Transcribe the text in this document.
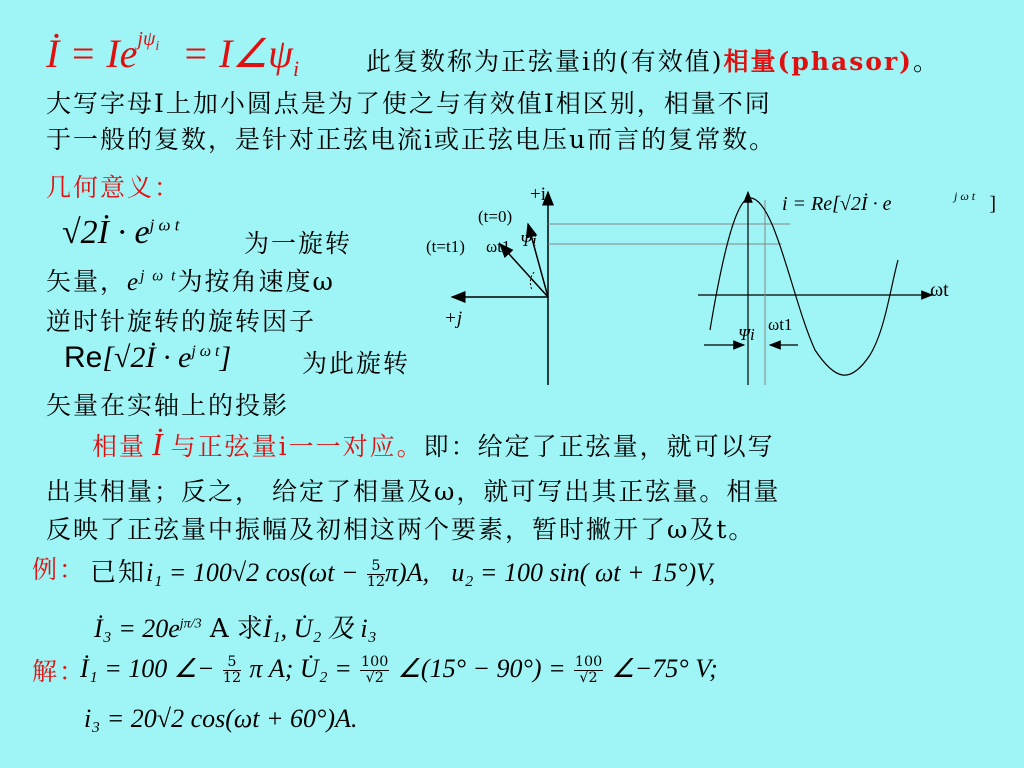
İ = $Ie^{j\psi_i}$ = $I\angle\psi_i$	此复数称为正弦量i的(有效值)相量(phasor)。
大写字母I上加小圆点是为了使之与有效值I相区别，相量不同
于一般的复数，是针对正弦电流i或正弦电压u而言的复常数。
几何意义：
√2İ · $e^{j \omega t}$
为一旋转
矢量，$e^{j \omega t}$为按角速度ω
逆时针旋转的旋转因子
Re[√2İ · $e^{j \omega t}$]	为此旋转
矢量在实轴上的投影
+i
+j
(t=0)
(t=t1) ωt1 Ψi
ωt
ωt1
Ψi
i = Re[√2İ · e	j ω t ]
相量 İ 与正弦量i一一对应。即：给定了正弦量，就可以写
出其相量；反之， 给定了相量及ω，就可写出其正弦量。相量
反映了正弦量中振幅及初相这两个要素，暂时撇开了ω及t。
例： 已知i₁ = 100√2 $\cos(\omega t - \frac{5}{12} \pi)A$, u₂ = 100 sin( ωt + 15°)V,
İ₃ = $20e^{j\pi/3}$ A 求İ₁, U̇₂ 及 i₃
解：
İ₁ = 100 ∠− $\frac{5}{12}$ π A; U̇₂ = $\frac{100}{√2}$ ∠(15° − $90^\circ) = \frac{100}{√2}$ ∠−75° V;
i₃ = 20√2 cos(ωt + 60°)A.
